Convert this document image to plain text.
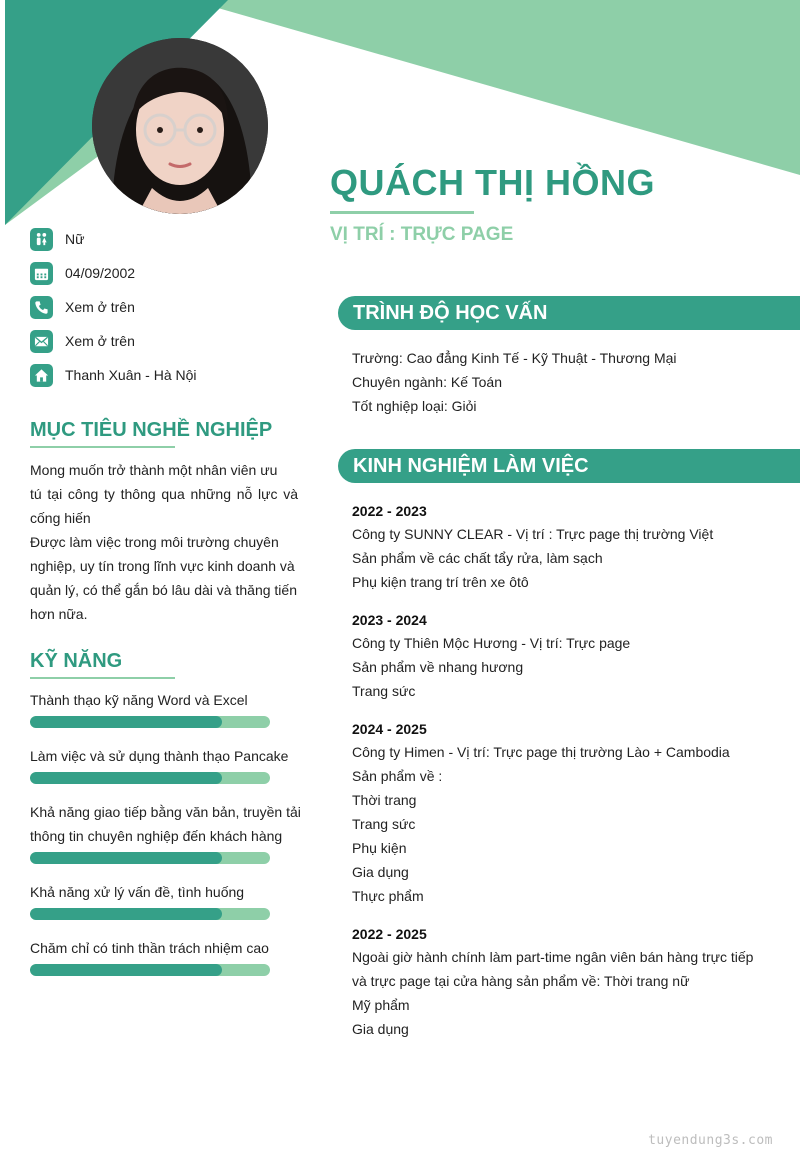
QUÁCH THỊ HỒNG
VỊ TRÍ : TRỰC PAGE
Nữ
04/09/2002
Xem ở trên
Xem ở trên
Thanh Xuân - Hà Nội
MỤC TIÊU NGHỀ NGHIỆP
Mong muốn trở thành một nhân viên ưu
tú tại công ty thông qua những nỗ lực và
cống hiến
Được làm việc trong môi trường chuyên
nghiệp, uy tín trong lĩnh vực kinh doanh và
quản lý, có thể gắn bó lâu dài và thăng tiến
hơn nữa.
KỸ NĂNG
Thành thạo kỹ năng Word và Excel
Làm việc và sử dụng thành thạo Pancake
Khả năng giao tiếp bằng văn bản, truyền tải thông tin chuyên nghiệp đến khách hàng
Khả năng xử lý vấn đề, tình huống
Chăm chỉ có tinh thần trách nhiệm cao
TRÌNH ĐỘ HỌC VẤN
Trường: Cao đẳng Kinh Tế - Kỹ Thuật - Thương Mại
Chuyên ngành: Kế Toán
Tốt nghiệp loại: Giỏi
KINH NGHIỆM LÀM VIỆC
2022 - 2023
Công ty SUNNY CLEAR - Vị trí : Trực page thị trường Việt
Sản phẩm về các chất tẩy rửa, làm sạch
Phụ kiện trang trí trên xe ôtô
2023 - 2024
Công ty Thiên Mộc Hương - Vị trí: Trực page
Sản phẩm về nhang hương
Trang sức
2024 - 2025
Công ty Himen - Vị trí: Trực page thị trường Lào + Cambodia
Sản phẩm về :
Thời trang
Trang sức
Phụ kiện
Gia dụng
Thực phẩm
2022 - 2025
Ngoài giờ hành chính làm part-time ngân viên bán hàng trực tiếp
và trực page tại cửa hàng sản phẩm về: Thời trang nữ
Mỹ phẩm
Gia dụng
tuyendung3s.com
